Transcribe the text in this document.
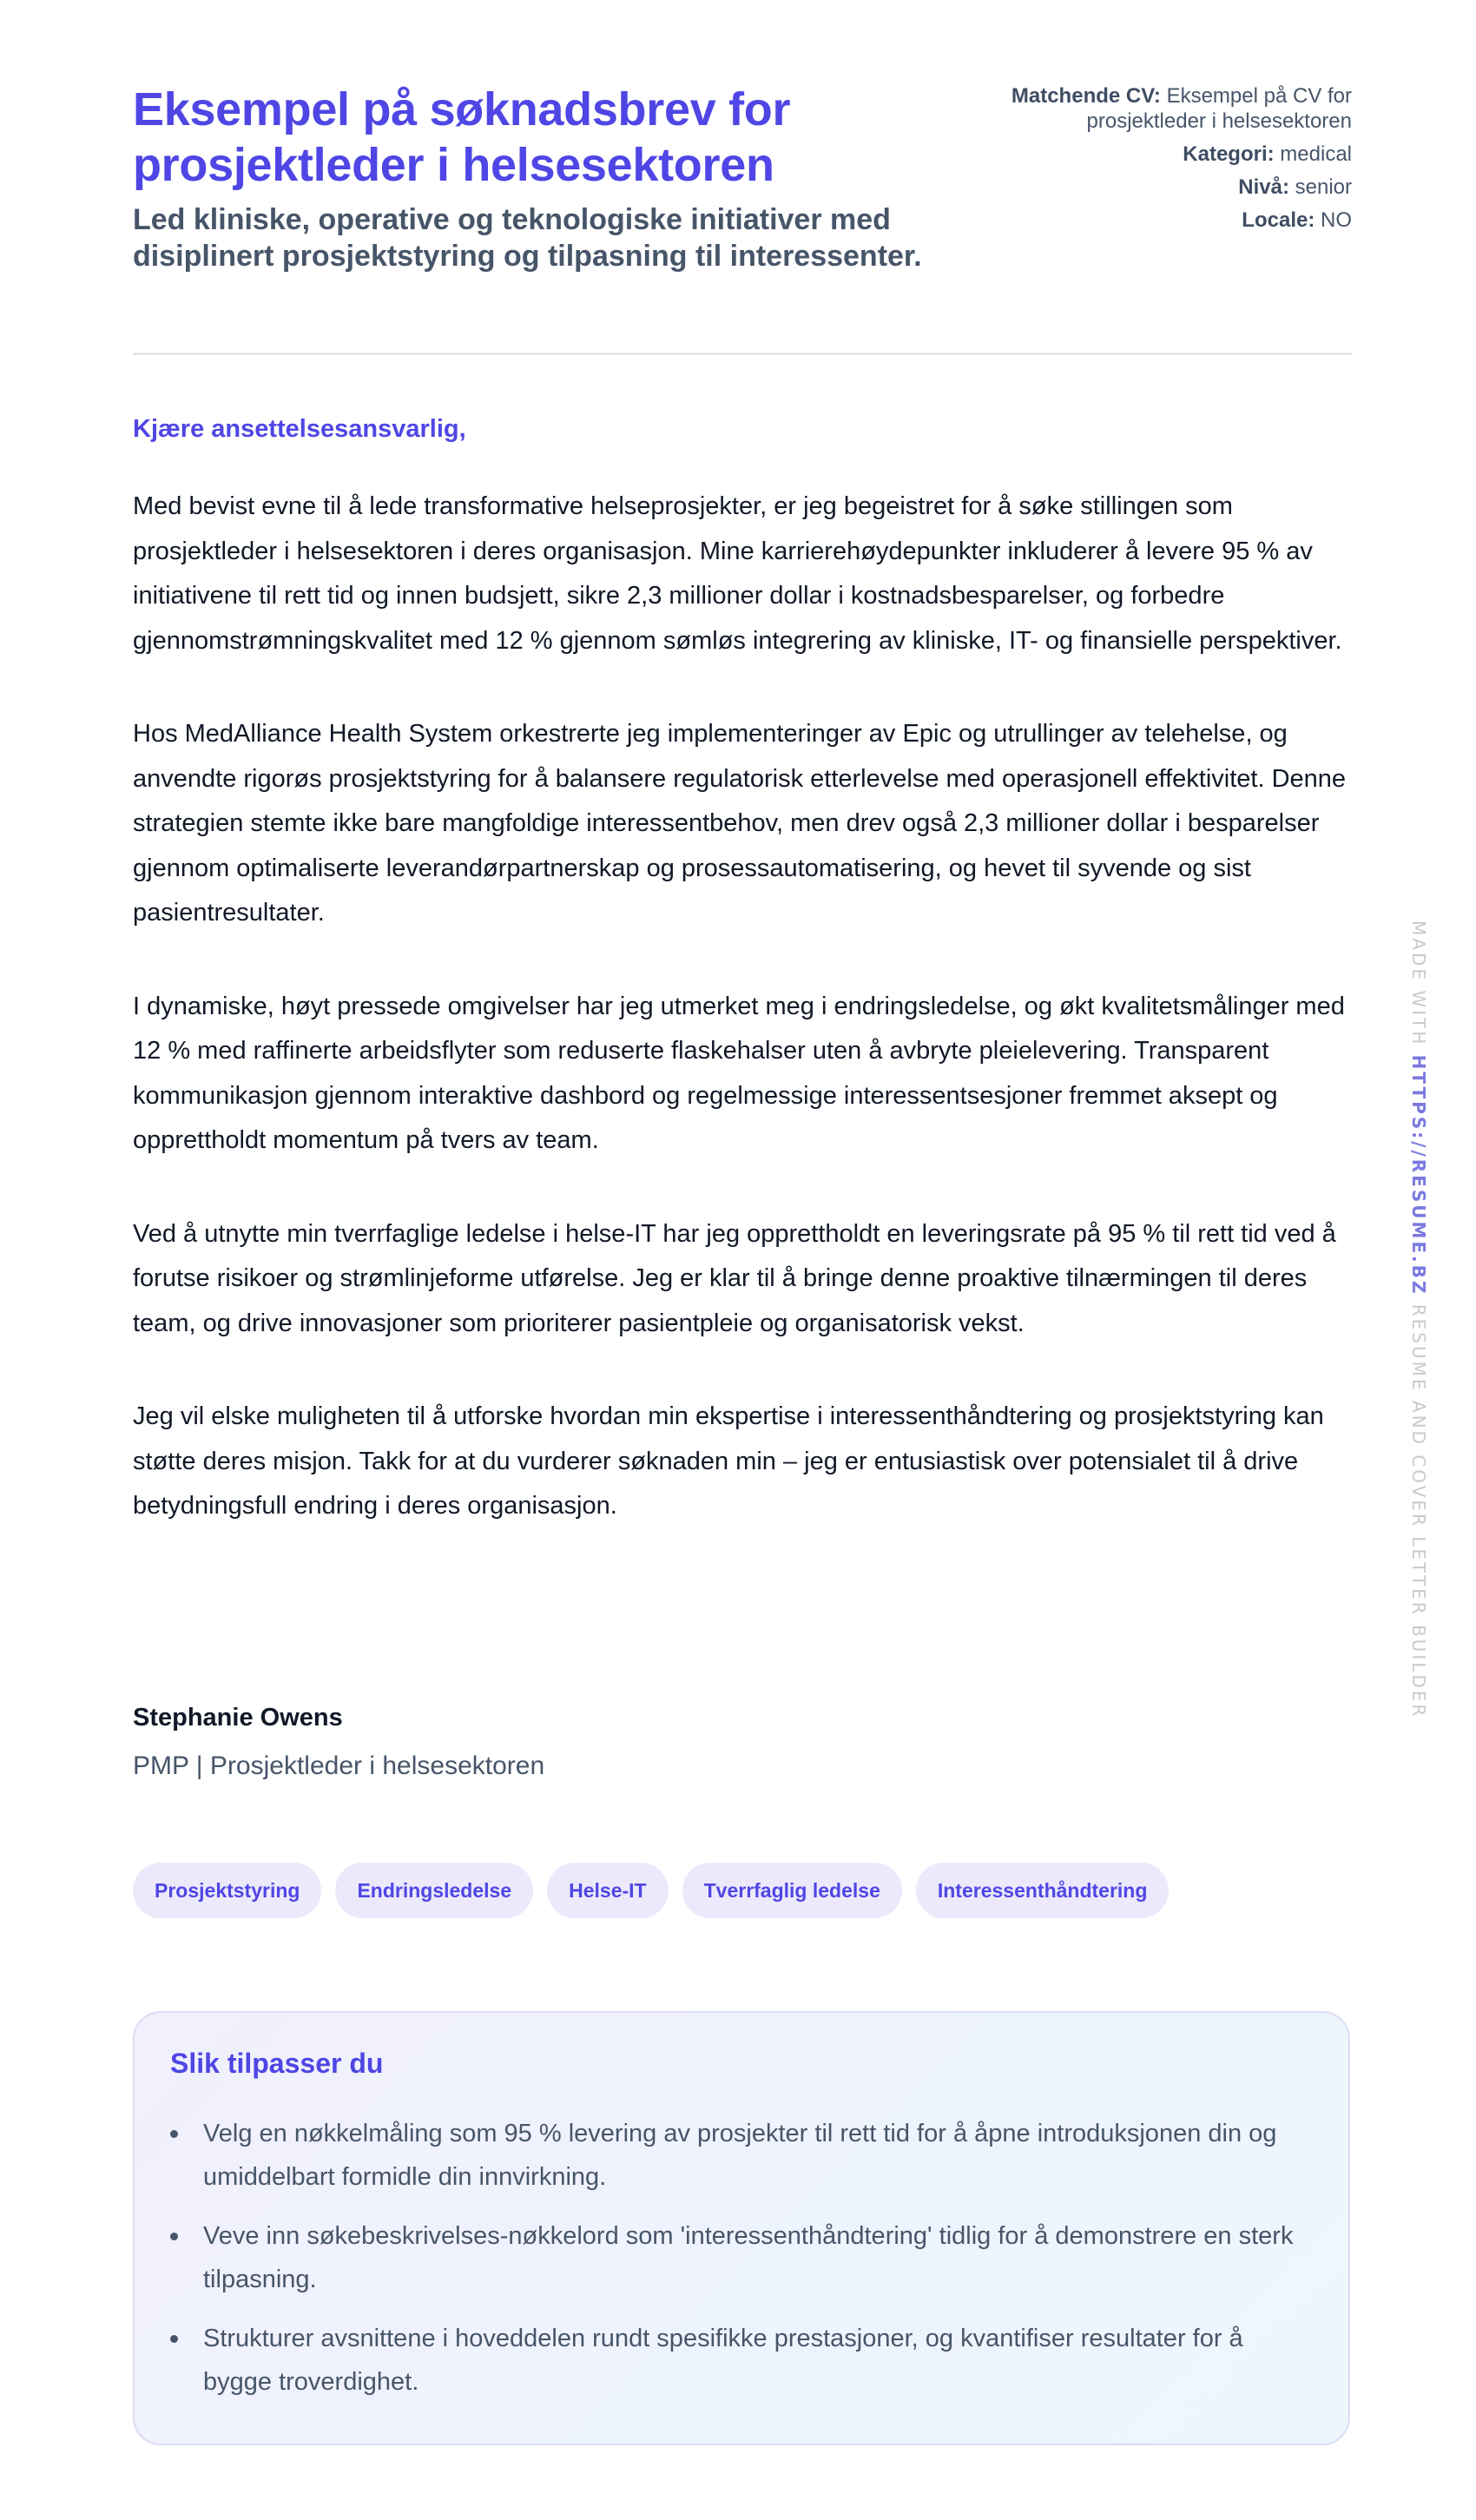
Eksempel på søknadsbrev for prosjektleder i helsesektoren
Led kliniske, operative og teknologiske initiativer med disiplinert prosjektstyring og tilpasning til interessenter.
Matchende CV: Eksempel på CV for prosjektleder i helsesektoren
Kategori: medical
Nivå: senior
Locale: NO

Kjære ansettelsesansvarlig,

Med bevist evne til å lede transformative helseprosjekter, er jeg begeistret for å søke stillingen som prosjektleder i helsesektoren i deres organisasjon. Mine karrierehøydepunkter inkluderer å levere 95 % av initiativene til rett tid og innen budsjett, sikre 2,3 millioner dollar i kostnadsbesparelser, og forbedre gjennomstrømningskvalitet med 12 % gjennom sømløs integrering av kliniske, IT- og finansielle perspektiver.

Hos MedAlliance Health System orkestrerte jeg implementeringer av Epic og utrullinger av telehelse, og anvendte rigorøs prosjektstyring for å balansere regulatorisk etterlevelse med operasjonell effektivitet. Denne strategien stemte ikke bare mangfoldige interessentbehov, men drev også 2,3 millioner dollar i besparelser gjennom optimaliserte leverandørpartnerskap og prosessautomatisering, og hevet til syvende og sist pasientresultater.

I dynamiske, høyt pressede omgivelser har jeg utmerket meg i endringsledelse, og økt kvalitetsmålinger med 12 % med raffinerte arbeidsflyter som reduserte flaskehalser uten å avbryte pleielevering. Transparent kommunikasjon gjennom interaktive dashbord og regelmessige interessentsesjoner fremmet aksept og opprettholdt momentum på tvers av team.

Ved å utnytte min tverrfaglige ledelse i helse-IT har jeg opprettholdt en leveringsrate på 95 % til rett tid ved å forutse risikoer og strømlinjeforme utførelse. Jeg er klar til å bringe denne proaktive tilnærmingen til deres team, og drive innovasjoner som prioriterer pasientpleie og organisatorisk vekst.

Jeg vil elske muligheten til å utforske hvordan min ekspertise i interessenthåndtering og prosjektstyring kan støtte deres misjon. Takk for at du vurderer søknaden min – jeg er entusiastisk over potensialet til å drive betydningsfull endring i deres organisasjon.

Stephanie Owens

PMP | Prosjektleder i helsesektoren

Prosjektstyring	Endringsledelse	Helse-IT	Tverrfaglig ledelse	Interessenthåndtering
Slik tilpasser du
Velg en nøkkelmåling som 95 % levering av prosjekter til rett tid for å åpne introduksjonen din og umiddelbart formidle din innvirkning.
Veve inn søkebeskrivelses-nøkkelord som 'interessenthåndtering' tidlig for å demonstrere en sterk tilpasning.
Strukturer avsnittene i hoveddelen rundt spesifikke prestasjoner, og kvantifiser resultater for å bygge troverdighet.
MADE WITH HTTPS://RESUME.BZ RESUME AND COVER LETTER BUILDER
